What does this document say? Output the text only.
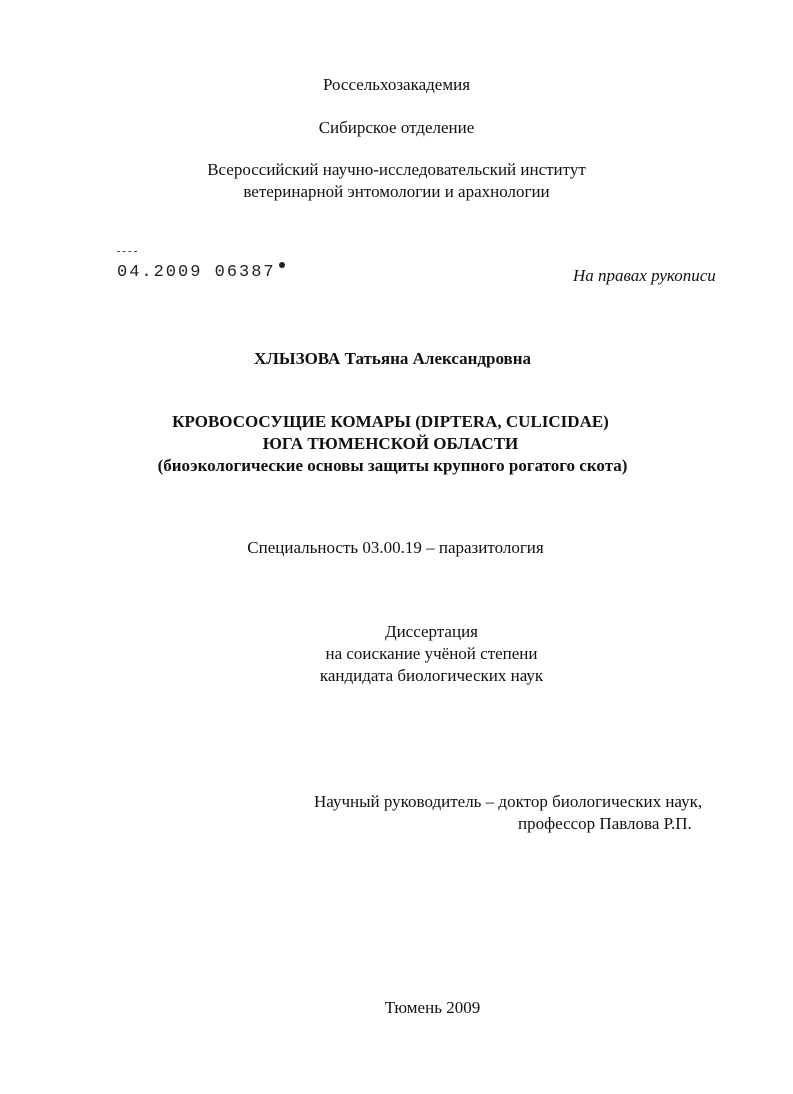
Россельхозакадемия
Сибирское отделение
Всероссийский научно-исследовательский институт
ветеринарной энтомологии и арахнологии
04.2009 06387	На правах рукописи
ХЛЫЗОВА Татьяна Александровна
КРОВОСОСУЩИЕ КОМАРЫ (DIPTERA, CULICIDAE)
ЮГА ТЮМЕНСКОЙ ОБЛАСТИ
(биоэкологические основы защиты крупного рогатого скота)
Специальность 03.00.19 – паразитология
Диссертация
на соискание учёной степени
кандидата биологических наук
Научный руководитель – доктор биологических наук,
профессор Павлова Р.П.
Тюмень 2009
